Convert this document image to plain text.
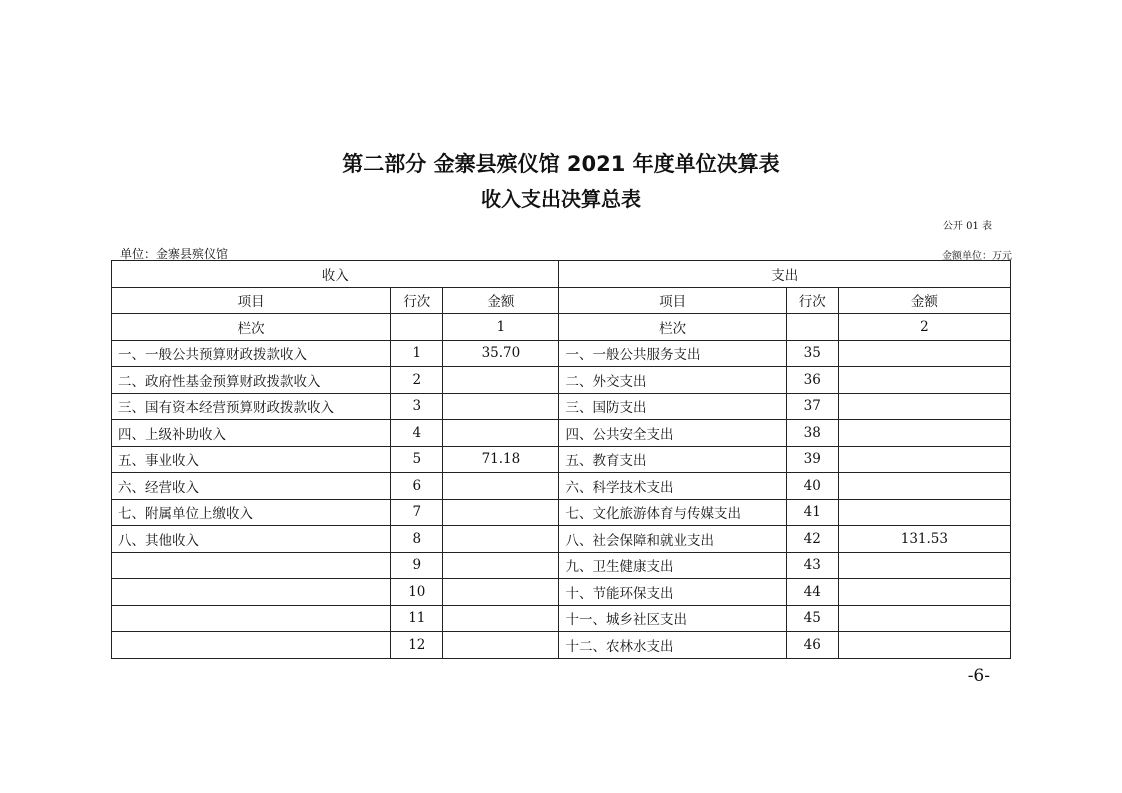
第二部分 金寨县殡仪馆 2021 年度单位决算表
收入支出决算总表
公开 01 表
单位：金寨县殡仪馆	金额单位：万元
收入			支出		
项目	行次	金额	项目	行次	金额
栏次		1	栏次		2
一、一般公共预算财政拨款收入	1	35.70	一、一般公共服务支出	35	
二、政府性基金预算财政拨款收入	2		二、外交支出	36	
三、国有资本经营预算财政拨款收入	3		三、国防支出	37	
四、上级补助收入	4		四、公共安全支出	38	
五、事业收入	5	71.18	五、教育支出	39	
六、经营收入	6		六、科学技术支出	40	
七、附属单位上缴收入	7		七、文化旅游体育与传媒支出	41	
八、其他收入	8		八、社会保障和就业支出	42	131.53
	9		九、卫生健康支出	43	
	10		十、节能环保支出	44	
	11		十一、城乡社区支出	45	
	12		十二、农林水支出	46	
-6-
